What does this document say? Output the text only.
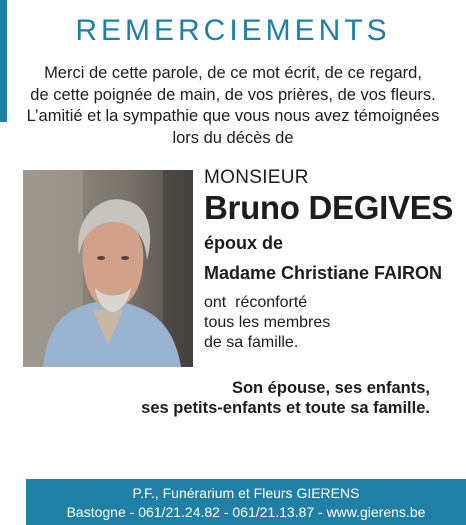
REMERCIEMENTS
Merci de cette parole, de ce mot écrit, de ce regard,
de cette poignée de main, de vos prières, de vos fleurs.
L’amitié et la sympathie que vous nous avez témoignées
lors du décès de
MONSIEUR
Bruno DEGIVES
époux de
Madame Christiane FAIRON
ont  réconforté
tous les membres
de sa famille.
Son épouse, ses enfants,
ses petits-enfants et toute sa famille.
P.F., Funérarium et Fleurs GIERENS
Bastogne - 061/21.24.82 - 061/21.13.87 - www.gierens.be
